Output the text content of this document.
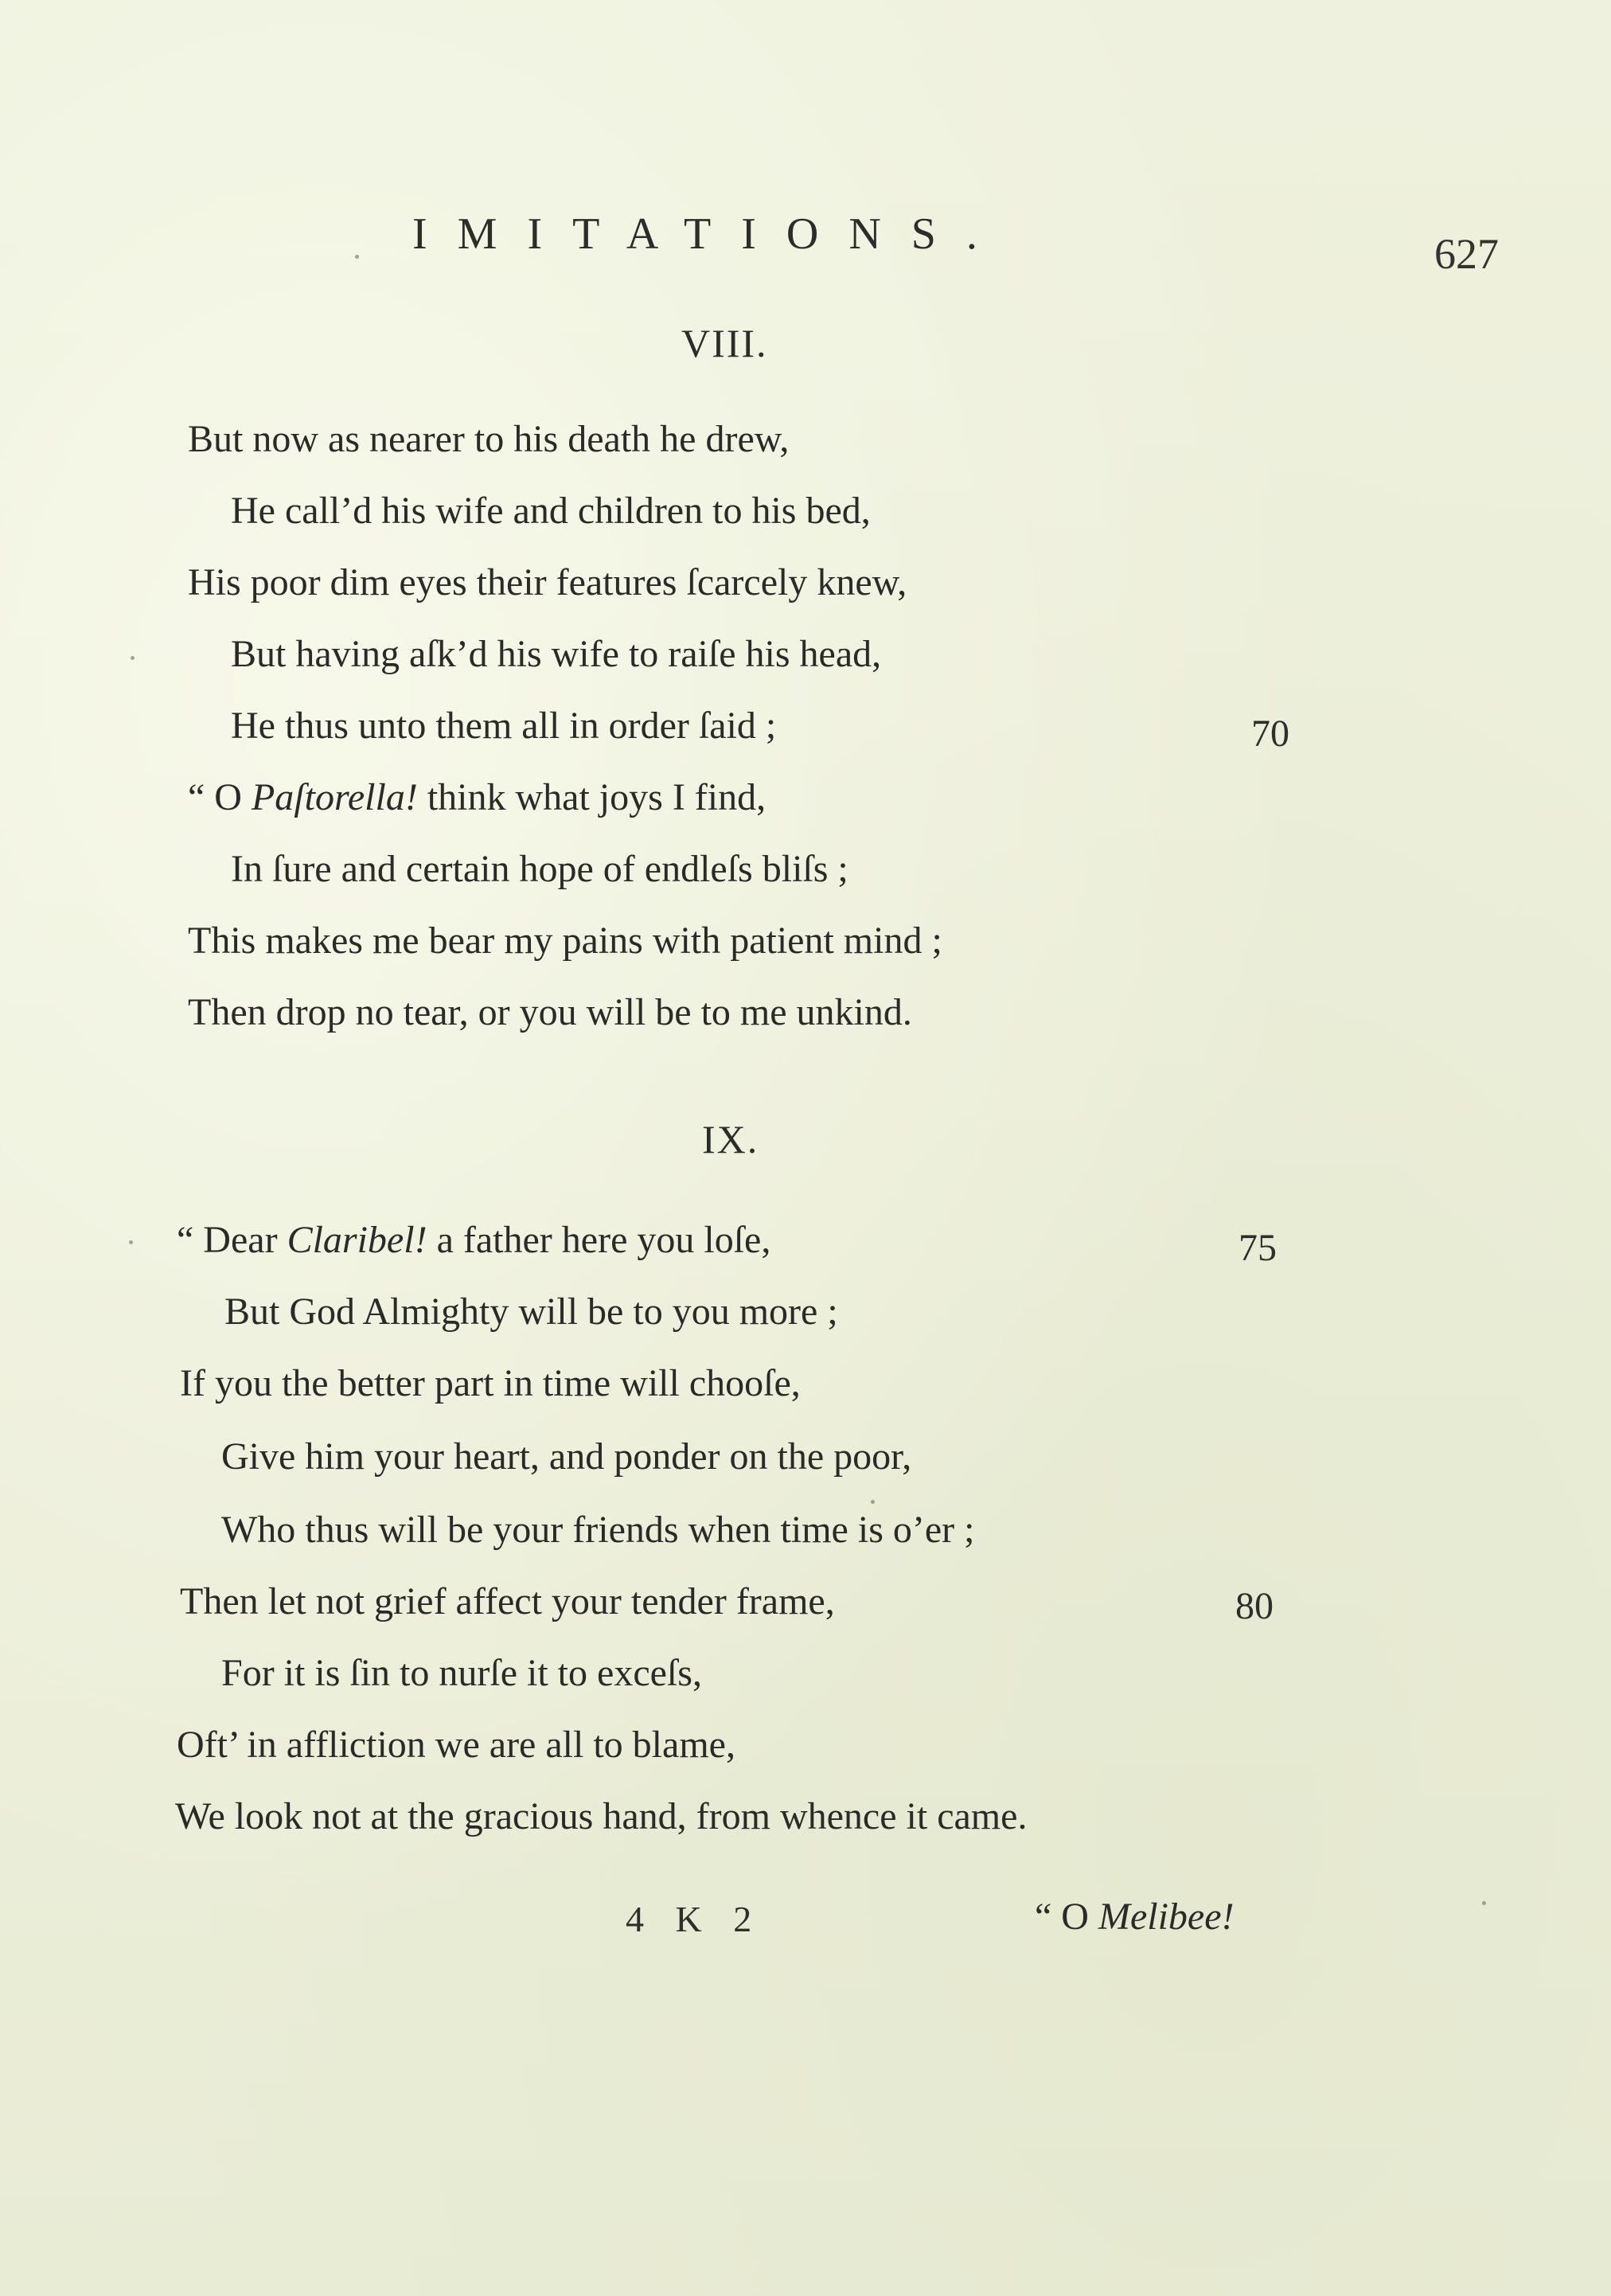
IMITATIONS.	627
VIII.
But now as nearer to his death he drew,
He call’d his wife and children to his bed,
His poor dim eyes their features ſcarcely knew,
But having aſk’d his wife to raiſe his head,
He thus unto them all in order ſaid ;	70
“ O Paſtorella! think what joys I find,
In ſure and certain hope of endleſs bliſs ;
This makes me bear my pains with patient mind ;
Then drop no tear, or you will be to me unkind.
IX.
“ Dear Claribel! a father here you loſe,	75
But God Almighty will be to you more ;
If you the better part in time will chooſe,
Give him your heart, and ponder on the poor,
Who thus will be your friends when time is o’er ;
Then let not grief affect your tender frame,	80
For it is ſin to nurſe it to exceſs,
Oft’ in affliction we are all to blame,
We look not at the gracious hand, from whence it came.
4 K 2	“ O Melibee!
